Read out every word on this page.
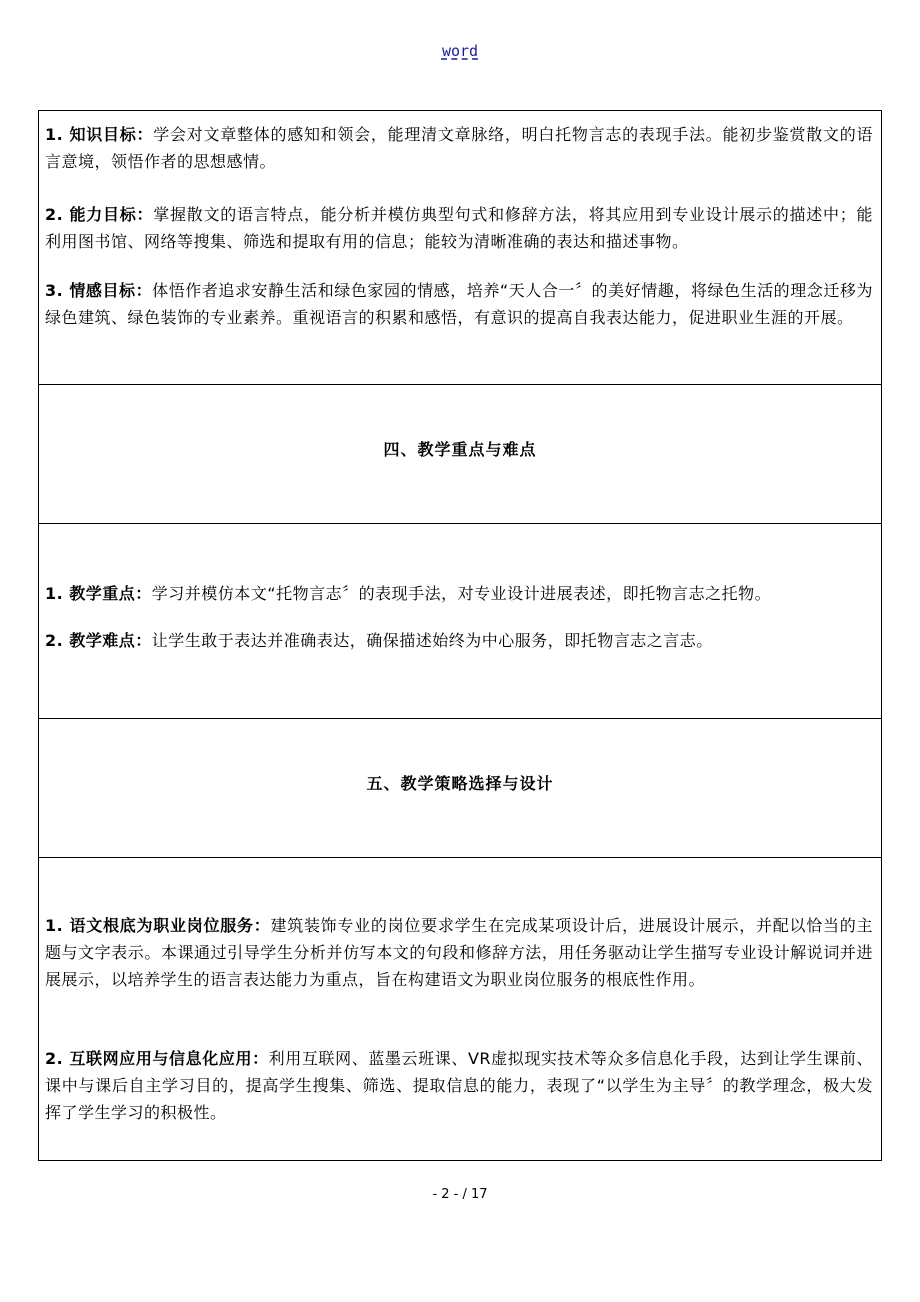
word
1. 知识目标：学会对文章整体的感知和领会，能理清文章脉络，明白托物言志的表现手法。能初步鉴赏散文的语言意境，领悟作者的思想感情。
2. 能力目标：掌握散文的语言特点，能分析并模仿典型句式和修辞方法，将其应用到专业设计展示的描述中；能利用图书馆、网络等搜集、筛选和提取有用的信息；能较为清晰准确的表达和描述事物。
3. 情感目标：体悟作者追求安静生活和绿色家园的情感，培养“天人合一〞的美好情趣，将绿色生活的理念迁移为绿色建筑、绿色装饰的专业素养。重视语言的积累和感悟，有意识的提高自我表达能力，促进职业生涯的开展。
四、教学重点与难点
1. 教学重点：学习并模仿本文“托物言志〞的表现手法，对专业设计进展表述，即托物言志之托物。
2. 教学难点：让学生敢于表达并准确表达，确保描述始终为中心服务，即托物言志之言志。
五、教学策略选择与设计
1. 语文根底为职业岗位服务：建筑装饰专业的岗位要求学生在完成某项设计后，进展设计展示，并配以恰当的主题与文字表示。本课通过引导学生分析并仿写本文的句段和修辞方法，用任务驱动让学生描写专业设计解说词并进展展示，以培养学生的语言表达能力为重点，旨在构建语文为职业岗位服务的根底性作用。
2. 互联网应用与信息化应用：利用互联网、蓝墨云班课、VR虚拟现实技术等众多信息化手段，达到让学生课前、课中与课后自主学习目的，提高学生搜集、筛选、提取信息的能力，表现了“以学生为主导〞的教学理念，极大发挥了学生学习的积极性。
- 2 - / 17
